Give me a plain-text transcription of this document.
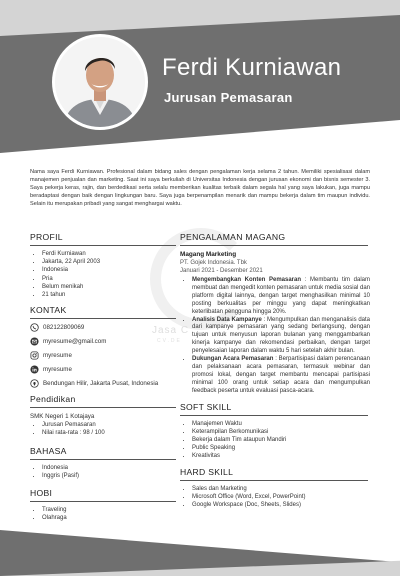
Ferdi Kurniawan
Jurusan Pemasaran
Jasa C
CV.DE
Nama saya Ferdi Kurniawan. Profesional dalam bidang sales dengan pengalaman kerja selama 2 tahun. Memiliki spesialisasi dalam manajemen penjualan dan marketing. Saat ini saya berkuliah di Universitas Indonesia dengan jurusan ekonomi dan bisnis semester 3. Saya pekerja keras, rajin, dan berdedikasi serta selalu memberikan kualitas terbaik dalam segala hal yang saya lakukan, juga mampu beradaptasi dengan baik dengan lingkungan baru. Saya juga berpenampilan menarik dan mampu bekerja dalam tim maupun individu. Selain itu merupakan pribadi yang sangat menghargai waktu.
PROFIL
• Ferdi Kurniawan
• Jakarta, 22 April 2003
• Indonesia
• Pria
• Belum menikah
• 21 tahun
KONTAK
082122809069
myresume@gmail.com
myresume
myresume
Bendungan Hilir, Jakarta Pusat, Indonesia
Pendidikan
SMK Negeri 1 Kotajaya
• Jurusan Pemasaran
• Nilai rata-rata : 98 / 100
BAHASA
• Indonesia
• Inggris (Pasif)
HOBI
• Traveling
• Olahraga
PENGALAMAN MAGANG
Magang Marketing
PT. Gojek Indonesia. Tbk
Januari 2021 - Desember 2021
• Mengembangkan Konten Pemasaran : Membantu tim dalam membuat dan mengedit konten pemasaran untuk media sosial dan platform digital lainnya, dengan target menghasilkan minimal 10 posting berkualitas per minggu yang dapat meningkatkan keterlibatan pengguna hingga 20%.
• Analisis Data Kampanye : Mengumpulkan dan menganalisis data dari kampanye pemasaran yang sedang berlangsung, dengan tujuan untuk menyusun laporan bulanan yang menggambarkan kinerja kampanye dan rekomendasi perbaikan, dengan target penyelesaian laporan dalam waktu 5 hari setelah akhir bulan.
• Dukungan Acara Pemasaran : Berpartisipasi dalam perencanaan dan pelaksanaan acara pemasaran, termasuk webinar dan promosi lokal, dengan target membantu mencapai partisipasi minimal 100 orang untuk setiap acara dan mengumpulkan feedback peserta untuk evaluasi pasca-acara.
SOFT SKILL
• Manajemen Waktu
• Keterampilan Berkomunikasi
• Bekerja dalam Tim ataupun Mandiri
• Public Speaking
• Kreativitas
HARD SKILL
• Sales dan Marketing
• Microsoft Office (Word, Excel, PowerPoint)
• Google Workspace (Doc, Sheets, Slides)
